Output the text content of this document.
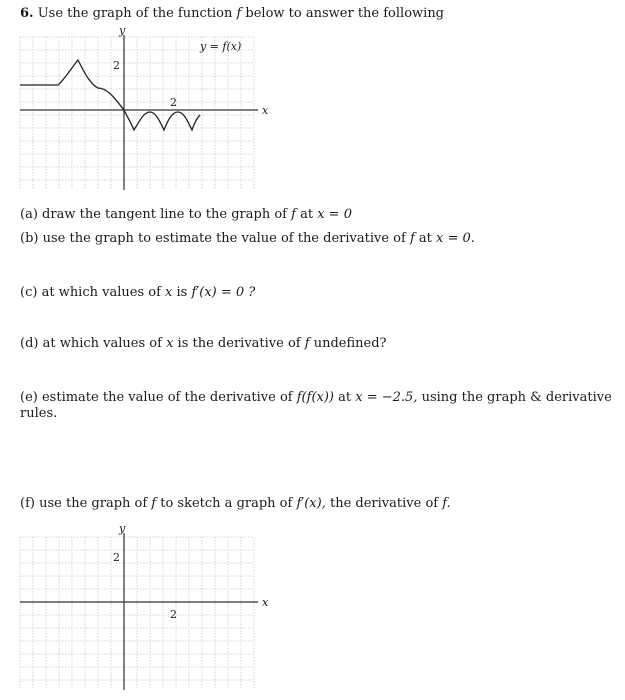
6. Use the graph of the function f below to answer the following
y
x
y = f(x)
2
2
(a) draw the tangent line to the graph of f at x = 0
(b) use the graph to estimate the value of the derivative of f at x = 0.
(c) at which values of x is f′(x) = 0 ?
(d) at which values of x is the derivative of f undefined?
(e) estimate the value of the derivative of f(f(x)) at x = −2.5, using the graph & derivative
rules.
(f) use the graph of f to sketch a graph of f′(x), the derivative of f.
y
x
2
2
